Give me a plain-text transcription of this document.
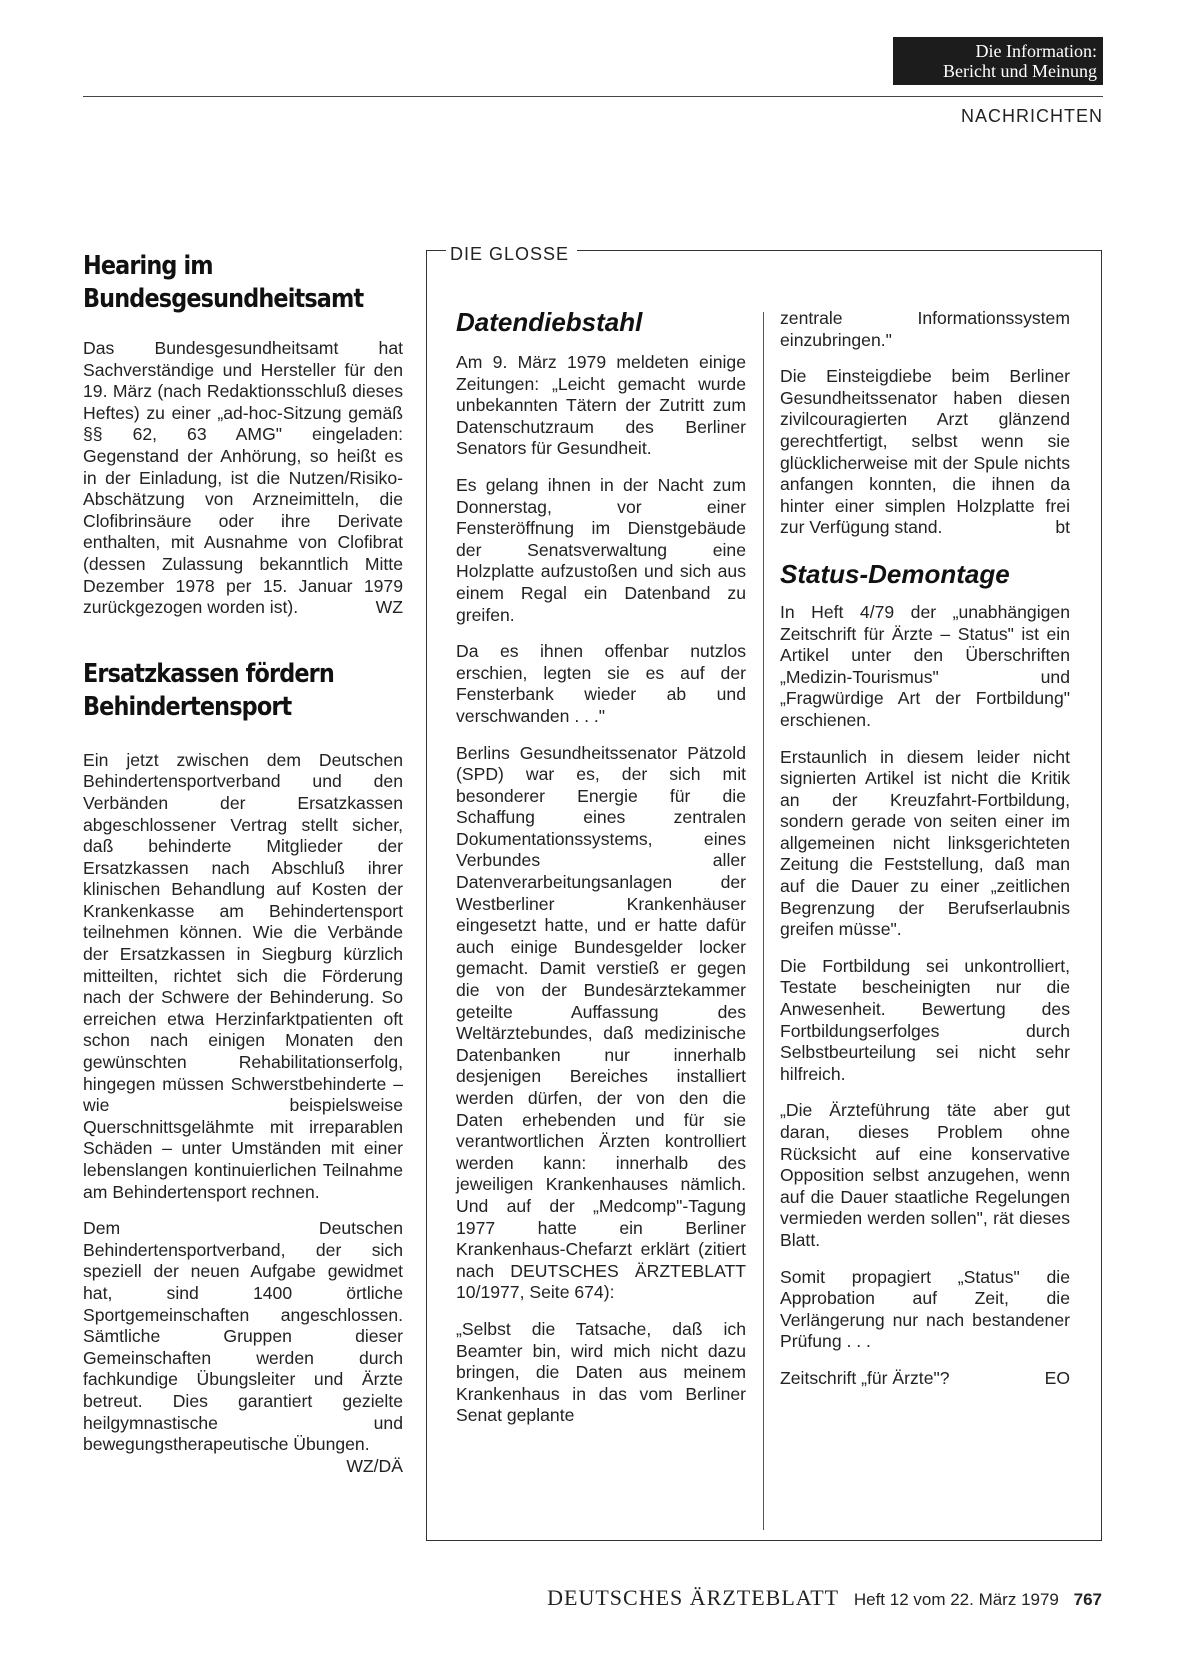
Die Information:
Bericht und Meinung
NACHRICHTEN
Hearing im
Bundesgesundheitsamt

Das Bundesgesundheitsamt hat Sachverständige und Hersteller für den 19. März (nach Redaktionsschluß dieses Heftes) zu einer „ad-hoc-Sitzung gemäß §§ 62, 63 AMG" eingeladen: Gegenstand der Anhörung, so heißt es in der Einladung, ist die Nutzen/Risiko-Abschätzung von Arzneimitteln, die Clofibrinsäure oder ihre Derivate enthalten, mit Ausnahme von Clofibrat (dessen Zulassung bekanntlich Mitte Dezember 1978 per 15. Januar 1979 zurückgezogen worden ist).	WZ

Ersatzkassen fördern
Behindertensport

Ein jetzt zwischen dem Deutschen Behindertensportverband und den Verbänden der Ersatzkassen abgeschlossener Vertrag stellt sicher, daß behinderte Mitglieder der Ersatzkassen nach Abschluß ihrer klinischen Behandlung auf Kosten der Krankenkasse am Behindertensport teilnehmen können. Wie die Verbände der Ersatzkassen in Siegburg kürzlich mitteilten, richtet sich die Förderung nach der Schwere der Behinderung. So erreichen etwa Herzinfarktpatienten oft schon nach einigen Monaten den gewünschten Rehabilitationserfolg, hingegen müssen Schwerstbehinderte – wie beispielsweise Querschnittsgelähmte mit irreparablen Schäden – unter Umständen mit einer lebenslangen kontinuierlichen Teilnahme am Behindertensport rechnen.

Dem Deutschen Behindertensportverband, der sich speziell der neuen Aufgabe gewidmet hat, sind 1400 örtliche Sportgemeinschaften angeschlossen. Sämtliche Gruppen dieser Gemeinschaften werden durch fachkundige Übungsleiter und Ärzte betreut. Dies garantiert gezielte heilgymnastische und bewegungstherapeutische Übungen.
WZ/DÄ

DIE GLOSSE
Datendiebstahl

Am 9. März 1979 meldeten einige Zeitungen: „Leicht gemacht wurde unbekannten Tätern der Zutritt zum Datenschutzraum des Berliner Senators für Gesundheit.

Es gelang ihnen in der Nacht zum Donnerstag, vor einer Fensteröffnung im Dienstgebäude der Senatsverwaltung eine Holzplatte aufzustoßen und sich aus einem Regal ein Datenband zu greifen.

Da es ihnen offenbar nutzlos erschien, legten sie es auf der Fensterbank wieder ab und verschwanden . . ."

Berlins Gesundheitssenator Pätzold (SPD) war es, der sich mit besonderer Energie für die Schaffung eines zentralen Dokumentationssystems, eines Verbundes aller Datenverarbeitungsanlagen der Westberliner Krankenhäuser eingesetzt hatte, und er hatte dafür auch einige Bundesgelder locker gemacht. Damit verstieß er gegen die von der Bundesärztekammer geteilte Auffassung des Weltärztebundes, daß medizinische Datenbanken nur innerhalb desjenigen Bereiches installiert werden dürfen, der von den die Daten erhebenden und für sie verantwortlichen Ärzten kontrolliert werden kann: innerhalb des jeweiligen Krankenhauses nämlich. Und auf der „Medcomp"-Tagung 1977 hatte ein Berliner Krankenhaus-Chefarzt erklärt (zitiert nach DEUTSCHES ÄRZTEBLATT 10/1977, Seite 674):

„Selbst die Tatsache, daß ich Beamter bin, wird mich nicht dazu bringen, die Daten aus meinem Krankenhaus in das vom Berliner Senat geplante

zentrale Informationssystem einzubringen."

Die Einsteigdiebe beim Berliner Gesundheitssenator haben diesen zivilcouragierten Arzt glänzend gerechtfertigt, selbst wenn sie glücklicherweise mit der Spule nichts anfangen konnten, die ihnen da hinter einer simplen Holzplatte frei zur Verfügung stand.	bt

Status-Demontage

In Heft 4/79 der „unabhängigen Zeitschrift für Ärzte – Status" ist ein Artikel unter den Überschriften „Medizin-Tourismus" und „Fragwürdige Art der Fortbildung" erschienen.

Erstaunlich in diesem leider nicht signierten Artikel ist nicht die Kritik an der Kreuzfahrt-Fortbildung, sondern gerade von seiten einer im allgemeinen nicht linksgerichteten Zeitung die Feststellung, daß man auf die Dauer zu einer „zeitlichen Begrenzung der Berufserlaubnis greifen müsse".

Die Fortbildung sei unkontrolliert, Testate bescheinigten nur die Anwesenheit. Bewertung des Fortbildungserfolges durch Selbstbeurteilung sei nicht sehr hilfreich.

„Die Ärzteführung täte aber gut daran, dieses Problem ohne Rücksicht auf eine konservative Opposition selbst anzugehen, wenn auf die Dauer staatliche Regelungen vermieden werden sollen", rät dieses Blatt.

Somit propagiert „Status" die Approbation auf Zeit, die Verlängerung nur nach bestandener Prüfung . . .

Zeitschrift „für Ärzte"?	EO

DEUTSCHES ÄRZTEBLATT Heft 12 vom 22. März 1979 767
